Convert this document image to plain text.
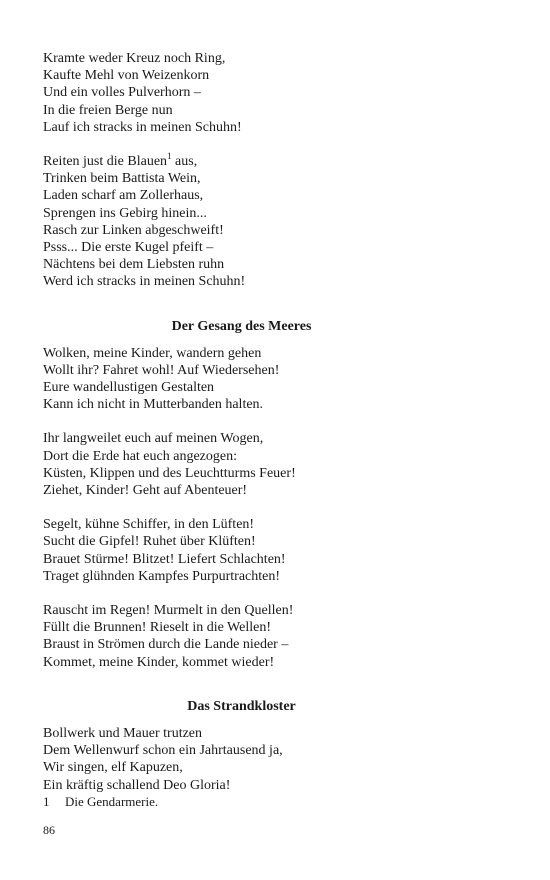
Kramte weder Kreuz noch Ring,
Kaufte Mehl von Weizenkorn
Und ein volles Pulverhorn –
In die freien Berge nun
Lauf ich stracks in meinen Schuhn!
Reiten just die Blauen$^1$ aus,
Trinken beim Battista Wein,
Laden scharf am Zollerhaus,
Sprengen ins Gebirg hinein...
Rasch zur Linken abgeschweift!
Psss... Die erste Kugel pfeift –
Nächtens bei dem Liebsten ruhn
Werd ich stracks in meinen Schuhn!
Der Gesang des Meeres
Wolken, meine Kinder, wandern gehen
Wollt ihr? Fahret wohl! Auf Wiedersehen!
Eure wandellustigen Gestalten
Kann ich nicht in Mutterbanden halten.
Ihr langweilet euch auf meinen Wogen,
Dort die Erde hat euch angezogen:
Küsten, Klippen und des Leuchtturms Feuer!
Ziehet, Kinder! Geht auf Abenteuer!
Segelt, kühne Schiffer, in den Lüften!
Sucht die Gipfel! Ruhet über Klüften!
Brauet Stürme! Blitzet! Liefert Schlachten!
Traget glühnden Kampfes Purpurtrachten!
Rauscht im Regen! Murmelt in den Quellen!
Füllt die Brunnen! Rieselt in die Wellen!
Braust in Strömen durch die Lande nieder –
Kommet, meine Kinder, kommet wieder!
Das Strandkloster
Bollwerk und Mauer trutzen
Dem Wellenwurf schon ein Jahrtausend ja,
Wir singen, elf Kapuzen,
Ein kräftig schallend Deo Gloria!
1 Die Gendarmerie.
86
